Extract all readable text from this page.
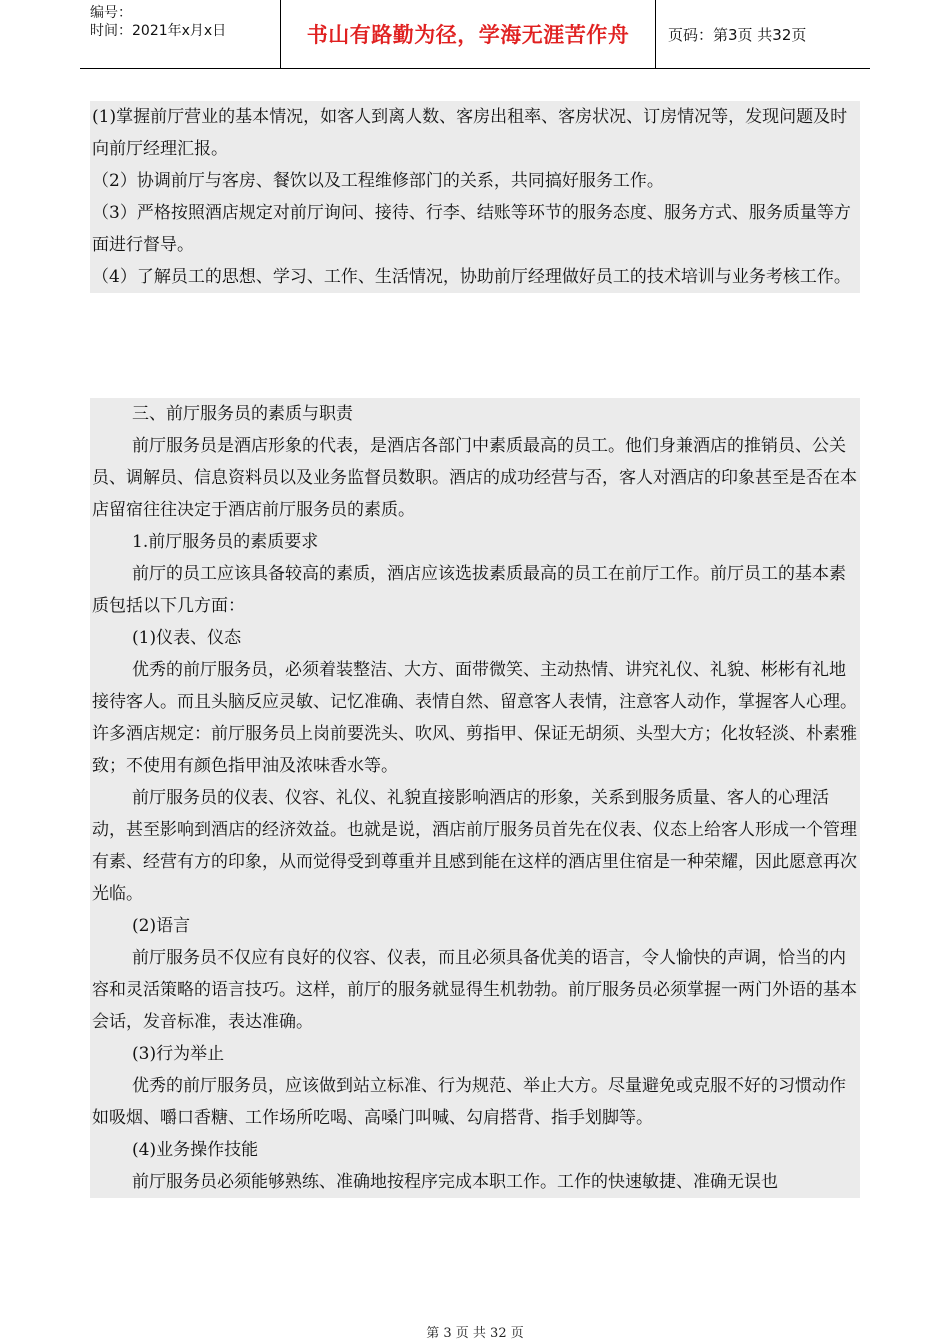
编号：
时间：2021年x月x日	书山有路勤为径，学海无涯苦作舟	页码：第3页 共32页

(1)掌握前厅营业的基本情况，如客人到离人数、客房出租率、客房状况、订房情况等，发现问题及时向前厅经理汇报。

（2）协调前厅与客房、餐饮以及工程维修部门的关系，共同搞好服务工作。

（3）严格按照酒店规定对前厅询问、接待、行李、结账等环节的服务态度、服务方式、服务质量等方面进行督导。

（4）了解员工的思想、学习、工作、生活情况，协助前厅经理做好员工的技术培训与业务考核工作。

三、前厅服务员的素质与职责

前厅服务员是酒店形象的代表，是酒店各部门中素质最高的员工。他们身兼酒店的推销员、公关员、调解员、信息资料员以及业务监督员数职。酒店的成功经营与否，客人对酒店的印象甚至是否在本店留宿往往决定于酒店前厅服务员的素质。

1.前厅服务员的素质要求

前厅的员工应该具备较高的素质，酒店应该选拔素质最高的员工在前厅工作。前厅员工的基本素质包括以下几方面：

(1)仪表、仪态

优秀的前厅服务员，必须着装整洁、大方、面带微笑、主动热情、讲究礼仪、礼貌、彬彬有礼地接待客人。而且头脑反应灵敏、记忆准确、表情自然、留意客人表情，注意客人动作，掌握客人心理。许多酒店规定：前厅服务员上岗前要洗头、吹风、剪指甲、保证无胡须、头型大方；化妆轻淡、朴素雅致；不使用有颜色指甲油及浓味香水等。

前厅服务员的仪表、仪容、礼仪、礼貌直接影响酒店的形象，关系到服务质量、客人的心理活动，甚至影响到酒店的经济效益。也就是说，酒店前厅服务员首先在仪表、仪态上给客人形成一个管理有素、经营有方的印象，从而觉得受到尊重并且感到能在这样的酒店里住宿是一种荣耀，因此愿意再次光临。

(2)语言

前厅服务员不仅应有良好的仪容、仪表，而且必须具备优美的语言，令人愉快的声调，恰当的内容和灵活策略的语言技巧。这样，前厅的服务就显得生机勃勃。前厅服务员必须掌握一两门外语的基本会话，发音标准，表达准确。

(3)行为举止

优秀的前厅服务员，应该做到站立标准、行为规范、举止大方。尽量避免或克服不好的习惯动作如吸烟、嚼口香糖、工作场所吃喝、高嗓门叫喊、勾肩搭背、指手划脚等。

(4)业务操作技能

前厅服务员必须能够熟练、准确地按程序完成本职工作。工作的快速敏捷、准确无误也

第 3 页 共 32 页
